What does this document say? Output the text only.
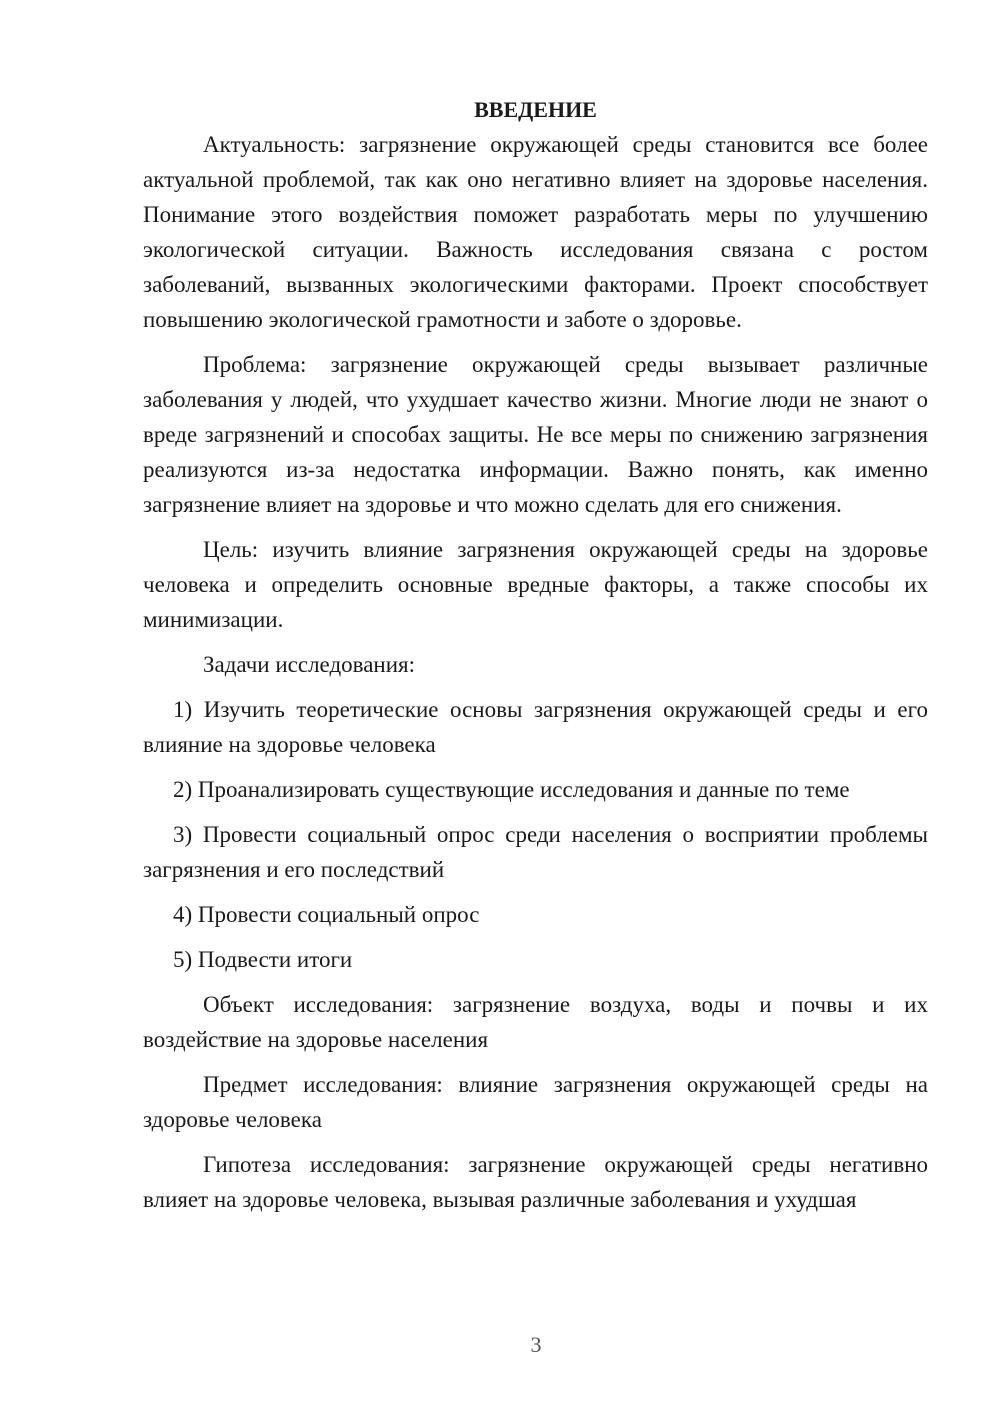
ВВЕДЕНИЕ

Актуальность: загрязнение окружающей среды становится все более актуальной проблемой, так как оно негативно влияет на здоровье населения. Понимание этого воздействия поможет разработать меры по улучшению экологической ситуации. Важность исследования связана с ростом заболеваний, вызванных экологическими факторами. Проект способствует повышению экологической грамотности и заботе о здоровье.

Проблема: загрязнение окружающей среды вызывает различные заболевания у людей, что ухудшает качество жизни. Многие люди не знают о вреде загрязнений и способах защиты. Не все меры по снижению загрязнения реализуются из-за недостатка информации. Важно понять, как именно загрязнение влияет на здоровье и что можно сделать для его снижения.

Цель: изучить влияние загрязнения окружающей среды на здоровье человека и определить основные вредные факторы, а также способы их минимизации.

Задачи исследования:

1) Изучить теоретические основы загрязнения окружающей среды и его влияние на здоровье человека

2) Проанализировать существующие исследования и данные по теме

3) Провести социальный опрос среди населения о восприятии проблемы загрязнения и его последствий

4) Провести социальный опрос

5) Подвести итоги

Объект исследования: загрязнение воздуха, воды и почвы и их воздействие на здоровье населения

Предмет исследования: влияние загрязнения окружающей среды на здоровье человека

Гипотеза исследования: загрязнение окружающей среды негативно влияет на здоровье человека, вызывая различные заболевания и ухудшая

3
